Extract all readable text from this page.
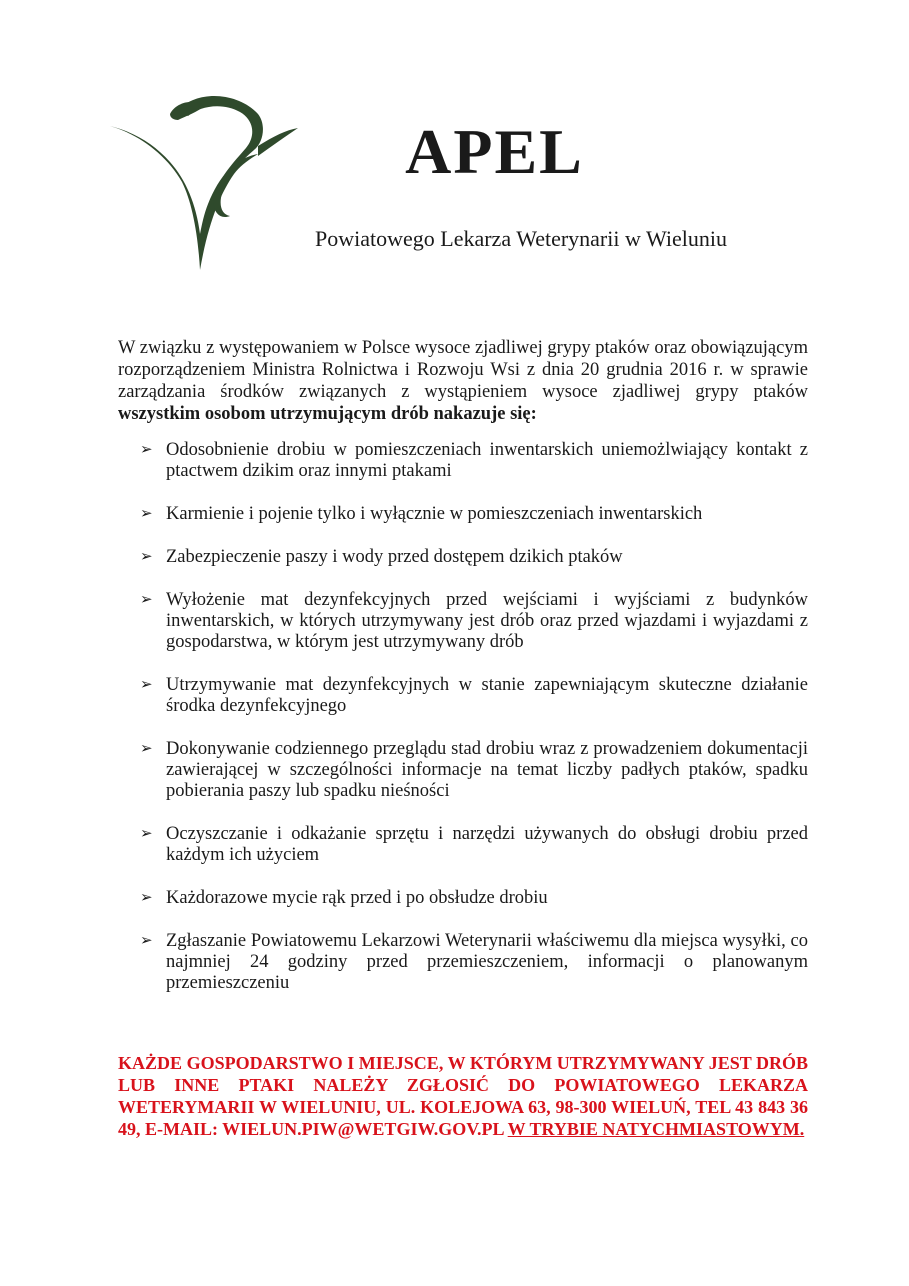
APEL

Powiatowego Lekarza Weterynarii w Wieluniu

W związku z występowaniem w Polsce wysoce zjadliwej grypy ptaków oraz obowiązującym rozporządzeniem Ministra Rolnictwa i Rozwoju Wsi z dnia 20 grudnia 2016 r. w sprawie zarządzania środków związanych z wystąpieniem wysoce zjadliwej grypy ptaków wszystkim osobom utrzymującym drób nakazuje się:

➢ Odosobnienie drobiu w pomieszczeniach inwentarskich uniemożlwiający kontakt z ptactwem dzikim oraz innymi ptakami
➢ Karmienie i pojenie tylko i wyłącznie w pomieszczeniach inwentarskich
➢ Zabezpieczenie paszy i wody przed dostępem dzikich ptaków
➢ Wyłożenie mat dezynfekcyjnych przed wejściami i wyjściami z budynków inwentarskich, w których utrzymywany jest drób oraz przed wjazdami i wyjazdami z gospodarstwa, w którym jest utrzymywany drób
➢ Utrzymywanie mat dezynfekcyjnych w stanie zapewniającym skuteczne działanie środka dezynfekcyjnego
➢ Dokonywanie codziennego przeglądu stad drobiu wraz z prowadzeniem dokumentacji zawierającej w szczególności informacje na temat liczby padłych ptaków, spadku pobierania paszy lub spadku nieśności
➢ Oczyszczanie i odkażanie sprzętu i narzędzi używanych do obsługi drobiu przed każdym ich użyciem
➢ Każdorazowe mycie rąk przed i po obsłudze drobiu
➢ Zgłaszanie Powiatowemu Lekarzowi Weterynarii właściwemu dla miejsca wysyłki, co najmniej 24 godziny przed przemieszczeniem, informacji o planowanym przemieszczeniu

KAŻDE GOSPODARSTWO I MIEJSCE, W KTÓRYM UTRZYMYWANY JEST DRÓB LUB INNE PTAKI NALEŻY ZGŁOSIĆ DO POWIATOWEGO LEKARZA WETERYMARII W WIELUNIU, UL. KOLEJOWA 63, 98-300 WIELUŃ, TEL 43 843 36 49, E-MAIL: WIELUN.PIW@WETGIW.GOV.PL W TRYBIE NATYCHMIASTOWYM.
